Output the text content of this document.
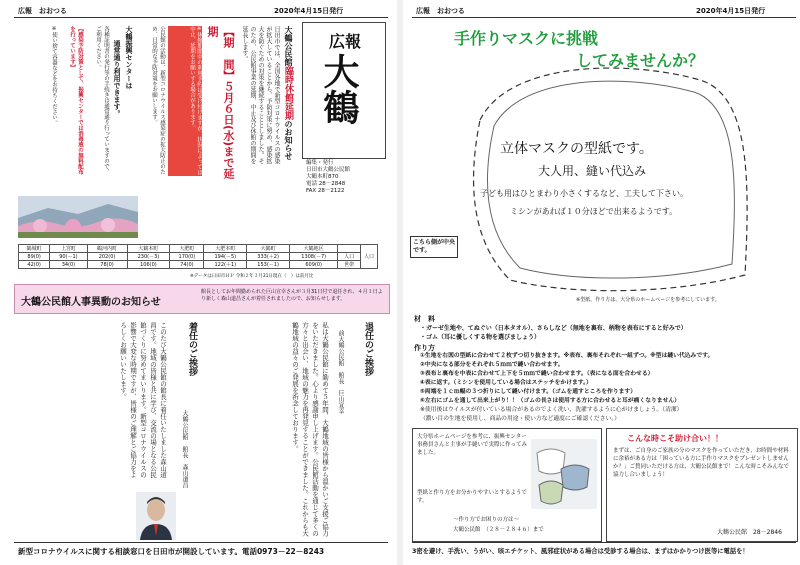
広報　おおつる	2020年4月15日発行
広報
大鶴
編集・発行
日田市大鶴公民館
大鶴本町870
電話 28－2848
FAX 28－2122
大鶴公民館臨時休館延期のお知らせ
日田市では、全国各地で新型コロナウイルスの感染が拡大していることから、予防対策に努め、感染拡大を防ぐための対策を継続することとしました。そのため、公民館事業の延期、中止及び休館の期間を延長します。
【期　間】５月６日(水)まで延期
※休館期間中の利用予約は受け付けますが、状況によっては中止、延期をお願いする場合があります。
公民館の活動は、新型コロナウイルス感染症の拡大防止のため、日常的な予防対策をお願いします。
大鶴振興センターは
通常通り利用できます。
各種証明書の発行等の手続きは通常通り行っていますので、ご利用ください。
【感染予防対策として、振興センターでは消毒液の無料配布を行っています】
※使い捨て容器などをお持ちください。
鶴城町	上宮町	鶴河内町	大鶴本町	大肥町	大肥本町	大鶴町	大鶴地区		人口
89(0)	90(－1)	202(0)	230(－3)	170(0)	194(－5)	333(＋2)	1308(－7)	人口	
42(0)	34(0)	78(0)	106(0)	74(0)	122(＋1)	153(－1)	609(0)	世帯	
※データは日田市ＨＰ 令和２年３月31日現在（　）は前月比
大鶴公民館人事異動のお知らせ
館長としてお年間勤められた巨山宣幸さんが３月31日付で退任され、４月１日より新しく森山道昌さんが着任されましたので、お知らせします。
退任のご挨拶
前大鶴公民館　館長　巨山宣幸
私は大鶴公民館に勤めて５年間、大鶴地域の皆様から温かいご支援ご協力をいただきました。心より感謝申し上げます。公民館活動を通じて多くの方々と出会い、地域の魅力を再発見することができました。これからも大鶴地域の益々のご発展を祈念しております。
着任のご挨拶
大鶴公民館　館長　森山道昌
このたび大鶴公民館の館長に着任いたしました森山道昌です。地域の皆様と共に学び、交流の場となる公民館づくりに努めてまいります。新型コロナウイルスの影響で大変な時期ですが、皆様のご理解とご協力をよろしくお願いいたします。
新型コロナウイルスに関する相談窓口を日田市が開設しています。電話0973－22－8243
広報　おおつる	2020年4月15日発行
手作りマスクに挑戦
してみませんか？
立体マスクの型紙です。
大人用、縫い代込み
子ども用はひとまわり小さくするなど、工夫して下さい。
ミシンがあれば１０分ほどで出来るようです。
こちら側が中央です。
※型紙、作り方は、大分県のホームページを参考にしています。
材　料
・ガーゼ生地や、てぬぐい（日本タオル）、さらしなど（無地を裏布、柄物を表布にすると好みで）
・ゴム（耳に優しくする物を選びましょう）
作り方
①生地を右図の型紙に合わせて２枚ずつ切り抜きます。※表布、裏布それぞれ一組ずつ。※型は縫い代込みです。
②中央になる部分をそれぞれ５ｍｍで縫い合わせます。
③表布と裏布を中表に合わせて上下を５ｍｍで縫い合わせます。（表になる面を合わせる）
④表に返す。（ミシンを使用している場合はステッチをかけます。）
⑤両端を１ｃｍ幅の３つ折りにして縫い付けます。（ゴムを通すところを作ります）
⑥左右にゴムを通して出来上がり！！（ゴムの長さは使用する方に合わせると耳が痛くなりません）
※使用後はウイルスが付いている場合があるのでよく洗い、洗濯するように心がけましょう。（清潔）
（濃い目の生地を使用し、商品の用途・使い方など適度にご確認ください。）
大分県ホームページを参考に、振興センター事務員さんと主事が手縫いで実際に作ってみました。
型紙と作り方をお分かりやすいとするようです。
～作り方でお困りの方は～
大鶴公民館　（２８－２８４６）まで
こんな時こそ助け合い！！
まずは、ご自身のご家族の分のマスクを作っていただき、お時間や材料に余裕がある方は「困っている方に手作りマスクをプレゼントしませんか？」ご賛同いただける方は、大鶴公民館まで！こんな時こそみんなで協力し合いましょう！
大鶴公民館　28－2846
3密を避け、手洗い、うがい、咳エチケット、風邪症状がある場合は受診する場合は、まずはかかりつけ医等に電話を！
